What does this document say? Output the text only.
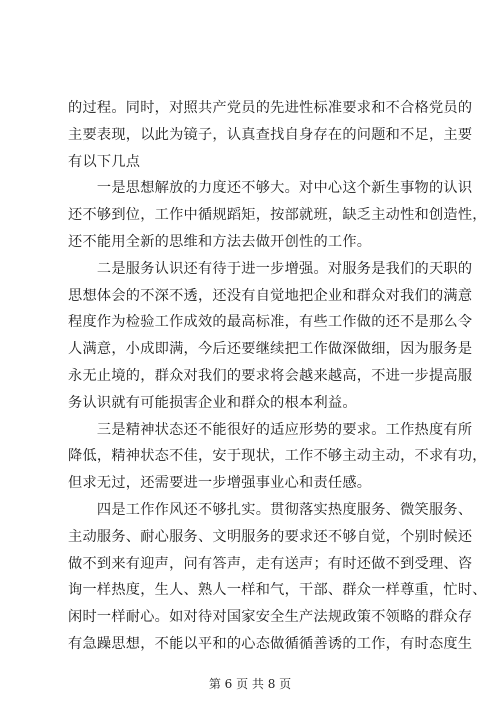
的过程。同时，对照共产党员的先进性标准要求和不合格党员的
主要表现，以此为镜子，认真查找自身存在的问题和不足，主要
有以下几点
　　一是思想解放的力度还不够大。对中心这个新生事物的认识
还不够到位，工作中循规蹈矩，按部就班，缺乏主动性和创造性，
还不能用全新的思维和方法去做开创性的工作。
　　二是服务认识还有待于进一步增强。对服务是我们的天职的
思想体会的不深不透，还没有自觉地把企业和群众对我们的满意
程度作为检验工作成效的最高标准，有些工作做的还不是那么令
人满意，小成即满，今后还要继续把工作做深做细，因为服务是
永无止境的，群众对我们的要求将会越来越高，不进一步提高服
务认识就有可能损害企业和群众的根本利益。
　　三是精神状态还不能很好的适应形势的要求。工作热度有所
降低，精神状态不佳，安于现状，工作不够主动主动，不求有功，
但求无过，还需要进一步增强事业心和责任感。
　　四是工作作风还不够扎实。贯彻落实热度服务、微笑服务、
主动服务、耐心服务、文明服务的要求还不够自觉，个别时候还
做不到来有迎声，问有答声，走有送声；有时还做不到受理、咨
询一样热度，生人、熟人一样和气，干部、群众一样尊重，忙时、
闲时一样耐心。如对待对国家安全生产法规政策不领略的群众存
有急躁思想，不能以平和的心态做循循善诱的工作，有时态度生
第 6 页 共 8 页
